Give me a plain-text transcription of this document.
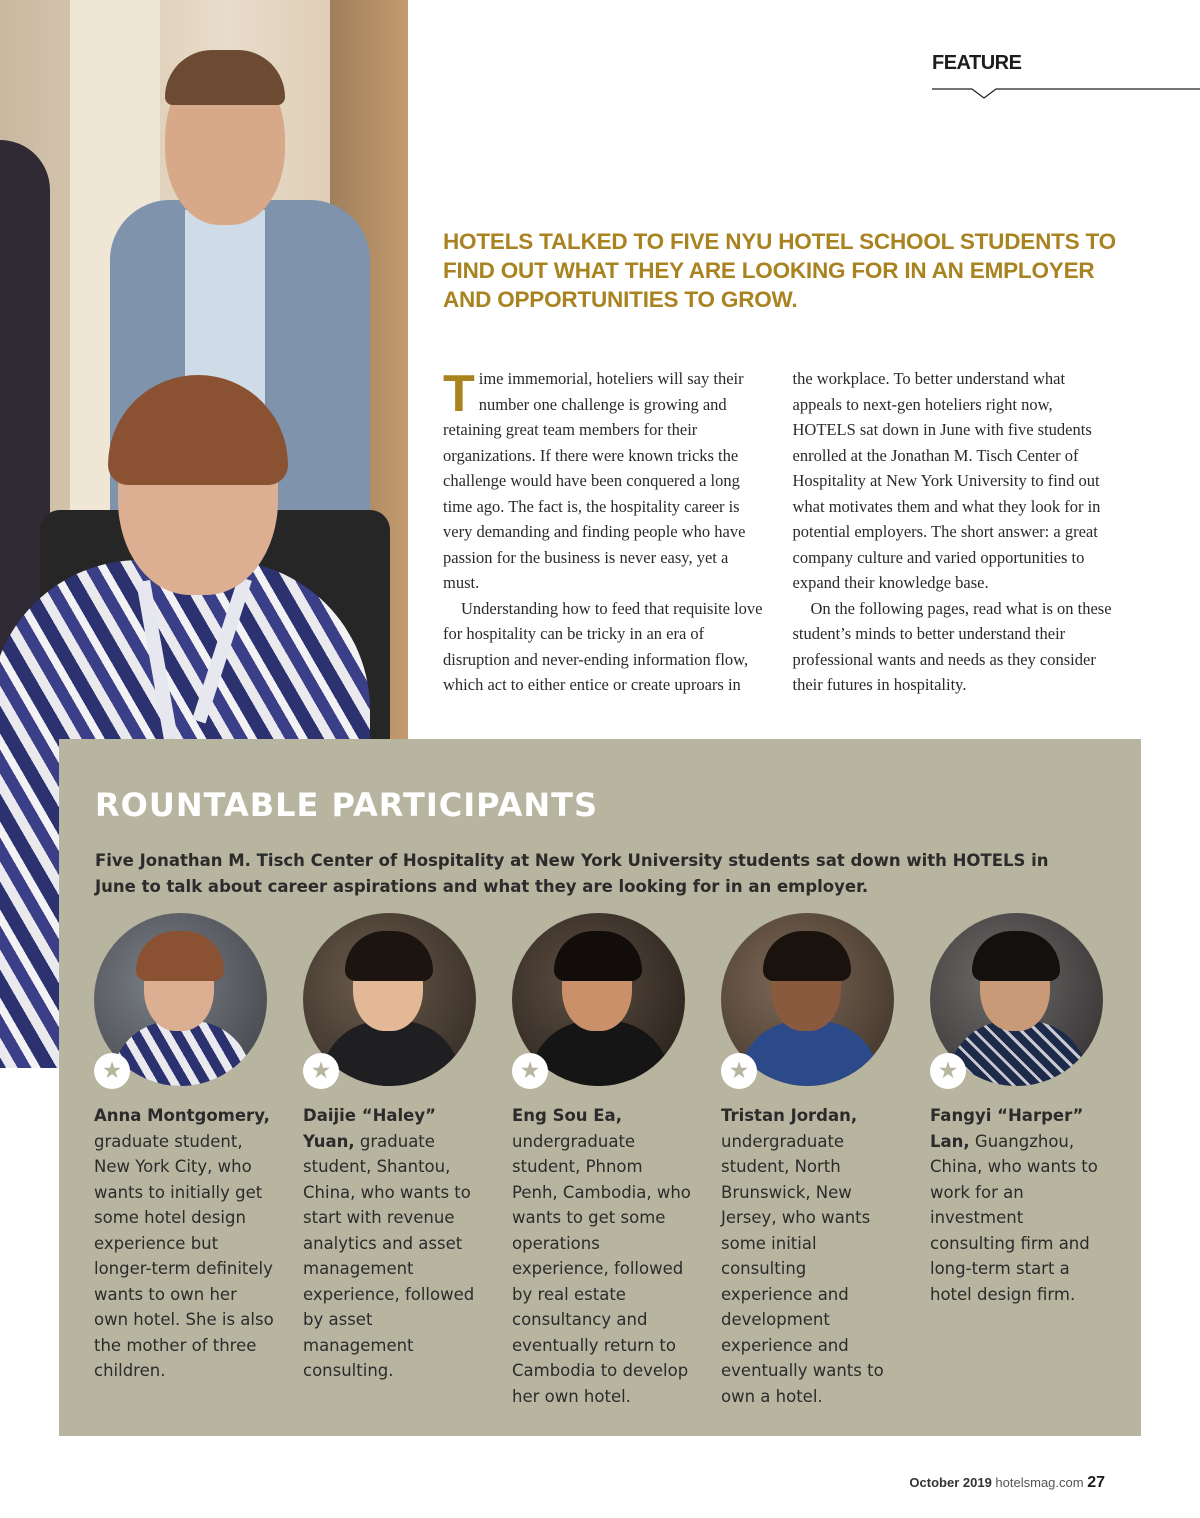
FEATURE
HOTELS TALKED TO FIVE NYU HOTEL SCHOOL STUDENTS TO FIND OUT WHAT THEY ARE LOOKING FOR IN AN EMPLOYER AND OPPORTUNITIES TO GROW.

Time immemorial, hoteliers will say their number one challenge is growing and retaining great team members for their organizations. If there were known tricks the challenge would have been conquered a long time ago. The fact is, the hospitality career is very demanding and finding people who have passion for the business is never easy, yet a must.

Understanding how to feed that requisite love for hospitality can be tricky in an era of disruption and never-ending information flow, which act to either entice or create uproars in the workplace. To better understand what appeals to next-gen hoteliers right now, HOTELS sat down in June with five students enrolled at the Jonathan M. Tisch Center of Hospitality at New York University to find out what motivates them and what they look for in potential employers. The short answer: a great company culture and varied opportunities to expand their knowledge base.

On the following pages, read what is on these student’s minds to better understand their professional wants and needs as they consider their futures in hospitality.

ROUNTABLE PARTICIPANTS

Five Jonathan M. Tisch Center of Hospitality at New York University students sat down with HOTELS in June to talk about career aspirations and what they are looking for in an employer.

★
Anna Montgomery, graduate student, New York City, who wants to initially get some hotel design experience but longer-term definitely wants to own her own hotel. She is also the mother of three children.
★
Daijie “Haley” Yuan, graduate student, Shantou, China, who wants to start with revenue analytics and asset management experience, followed by asset management consulting.
★
Eng Sou Ea, undergraduate student, Phnom Penh, Cambodia, who wants to get some operations experience, followed by real estate consultancy and eventually return to Cambodia to develop her own hotel.
★
Tristan Jordan, undergraduate student, North Brunswick, New Jersey, who wants some initial consulting experience and development experience and eventually wants to own a hotel.
★
Fangyi “Harper” Lan, Guangzhou, China, who wants to work for an investment consulting firm and long-term start a hotel design firm.
October 2019 hotelsmag.com 27
